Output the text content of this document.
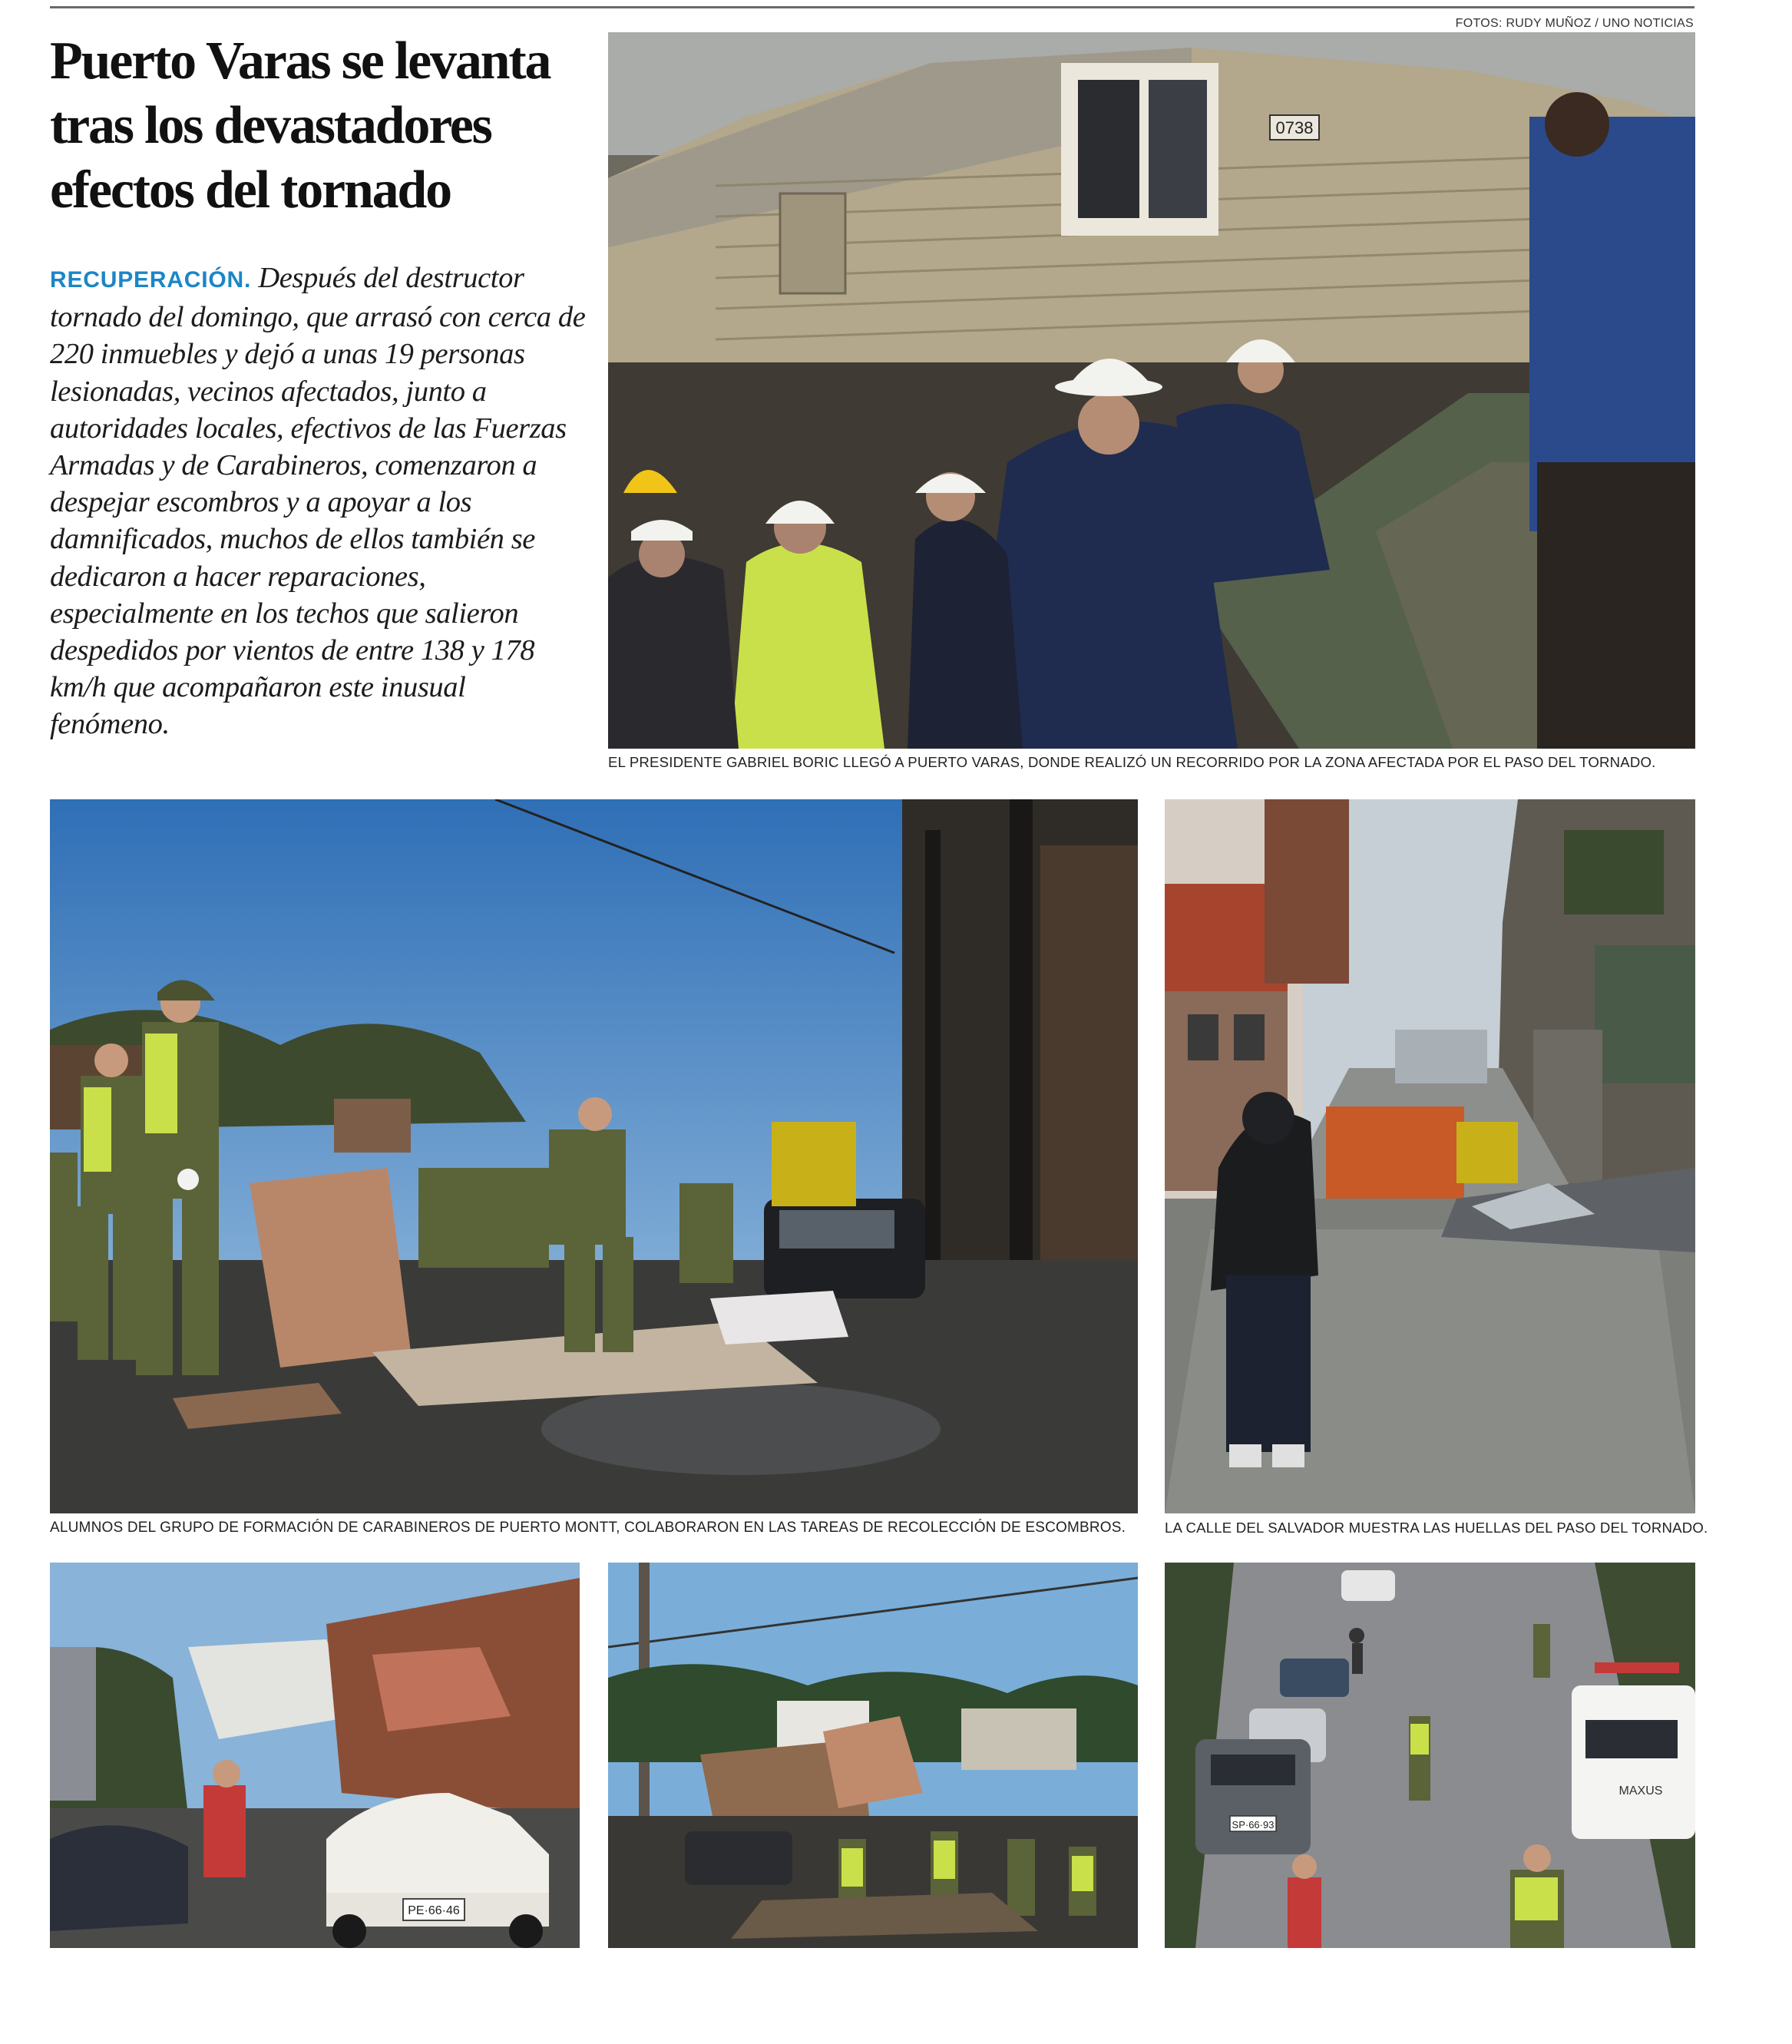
FOTOS: RUDY MUÑOZ / UNO NOTICIAS
Puerto Varas se levanta tras los devastadores efectos del tornado

RECUPERACIÓN. Después del destructor tornado del domingo, que arrasó con cerca de 220 inmuebles y dejó a unas 19 personas lesionadas, vecinos afectados, junto a autoridades locales, efectivos de las Fuerzas Armadas y de Carabineros, comenzaron a despejar escombros y a apoyar a los damnificados, muchos de ellos también se dedicaron a hacer reparaciones, especialmente en los techos que salieron despedidos por vientos de entre 138 y 178 km/h que acompañaron este inusual fenómeno.

0738

EL PRESIDENTE GABRIEL BORIC LLEGÓ A PUERTO VARAS, DONDE REALIZÓ UN RECORRIDO POR LA ZONA AFECTADA POR EL PASO DEL TORNADO.

ALUMNOS DEL GRUPO DE FORMACIÓN DE CARABINEROS DE PUERTO MONTT, COLABORARON EN LAS TAREAS DE RECOLECCIÓN DE ESCOMBROS.	LA CALLE DEL SALVADOR MUESTRA LAS HUELLAS DEL PASO DEL TORNADO.

PE·66·46
SP·66·93
MAXUS
